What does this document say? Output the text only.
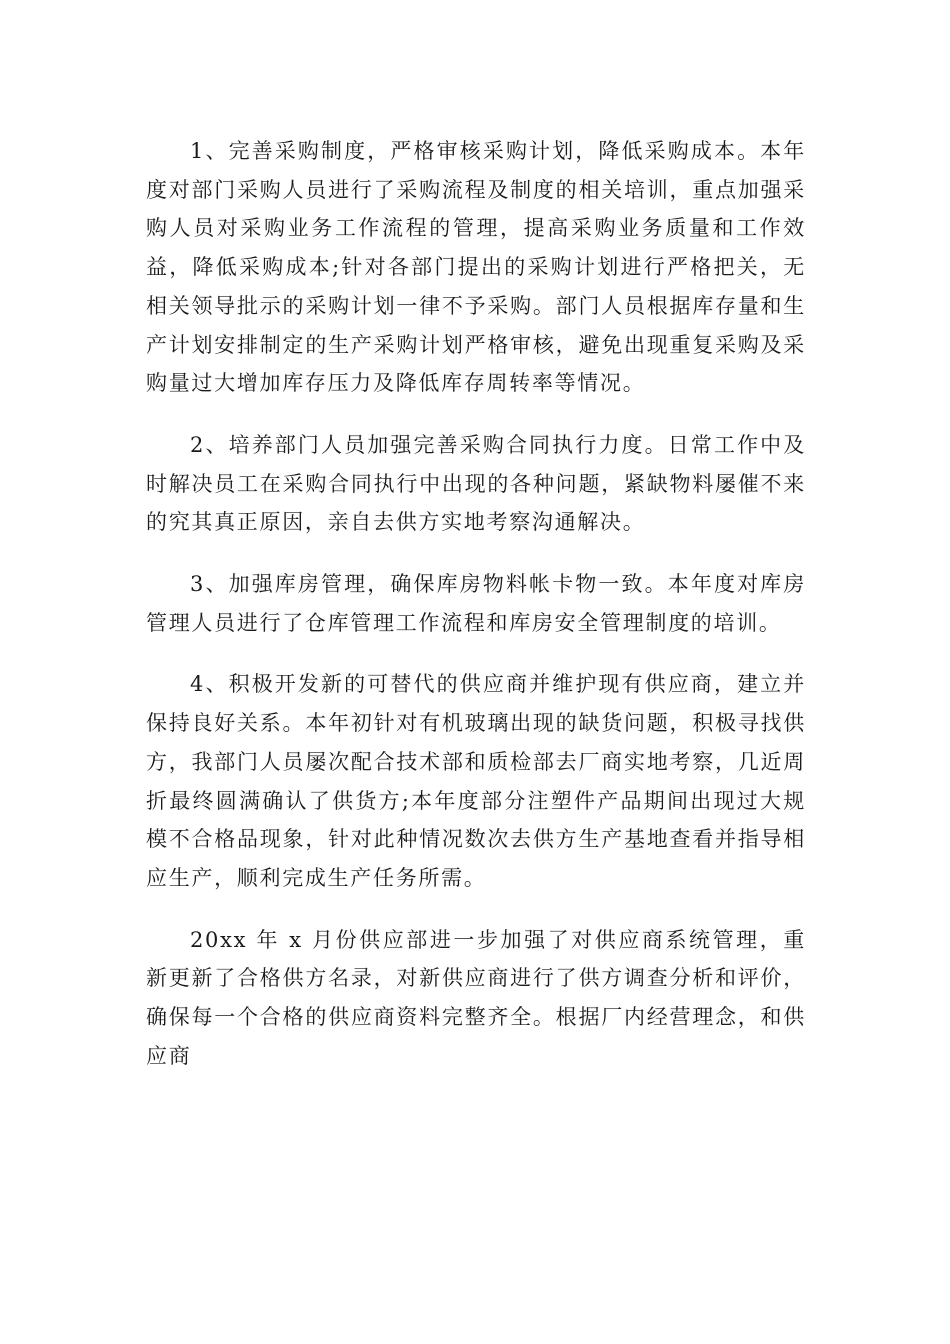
1、完善采购制度，严格审核采购计划，降低采购成本。本年度对部门采购人员进行了采购流程及制度的相关培训，重点加强采购人员对采购业务工作流程的管理，提高采购业务质量和工作效益，降低采购成本;针对各部门提出的采购计划进行严格把关，无相关领导批示的采购计划一律不予采购。部门人员根据库存量和生产计划安排制定的生产采购计划严格审核，避免出现重复采购及采购量过大增加库存压力及降低库存周转率等情况。

2、培养部门人员加强完善采购合同执行力度。日常工作中及时解决员工在采购合同执行中出现的各种问题，紧缺物料屡催不来的究其真正原因，亲自去供方实地考察沟通解决。

3、加强库房管理，确保库房物料帐卡物一致。本年度对库房管理人员进行了仓库管理工作流程和库房安全管理制度的培训。

4、积极开发新的可替代的供应商并维护现有供应商，建立并保持良好关系。本年初针对有机玻璃出现的缺货问题，积极寻找供方，我部门人员屡次配合技术部和质检部去厂商实地考察，几近周折最终圆满确认了供货方;本年度部分注塑件产品期间出现过大规模不合格品现象，针对此种情况数次去供方生产基地查看并指导相应生产，顺利完成生产任务所需。

20xx 年 x 月份供应部进一步加强了对供应商系统管理，重新更新了合格供方名录，对新供应商进行了供方调查分析和评价，确保每一个合格的供应商资料完整齐全。根据厂内经营理念，和供应商
